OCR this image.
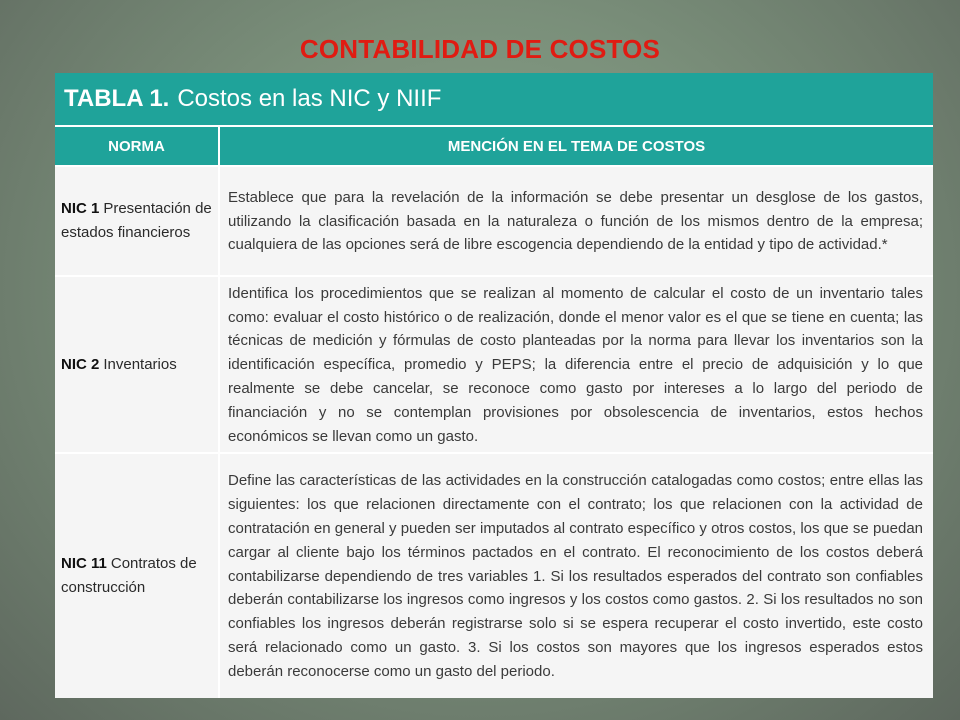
CONTABILIDAD DE COSTOS
TABLA 1. Costos en las NIC y NIIF
NORMA	MENCIÓN EN EL TEMA DE COSTOS
NIC 1 Presentación de estados financieros

Establece que para la revelación de la información se debe presentar un desglose de los gastos, utilizando la clasificación basada en la naturaleza o función de los mismos dentro de la empresa; cualquiera de las opciones será de libre escogencia dependiendo de la entidad y tipo de actividad.*

NIC 2 Inventarios

Identifica los procedimientos que se realizan al momento de calcular el costo de un inventario tales como: evaluar el costo histórico o de realización, donde el menor valor es el que se tiene en cuenta; las técnicas de medición y fórmulas de costo planteadas por la norma para llevar los inventarios son la identificación específica, promedio y PEPS; la diferencia entre el precio de adquisición y lo que realmente se debe cancelar, se reconoce como gasto por intereses a lo largo del periodo de financiación y no se contemplan provisiones por obsolescencia de inventarios, estos hechos económicos se llevan como un gasto.

NIC 11 Contratos de construcción

Define las características de las actividades en la construcción catalogadas como costos; entre ellas las siguientes: los que relacionen directamente con el contrato; los que relacionen con la actividad de contratación en general y pueden ser imputados al contrato específico y otros costos, los que se puedan cargar al cliente bajo los términos pactados en el contrato. El reconocimiento de los costos deberá contabilizarse dependiendo de tres variables 1. Si los resultados esperados del contrato son confiables deberán contabilizarse los ingresos como ingresos y los costos como gastos. 2. Si los resultados no son confiables los ingresos deberán registrarse solo si se espera recuperar el costo invertido, este costo será relacionado como un gasto. 3. Si los costos son mayores que los ingresos esperados estos deberán reconocerse como un gasto del periodo.
